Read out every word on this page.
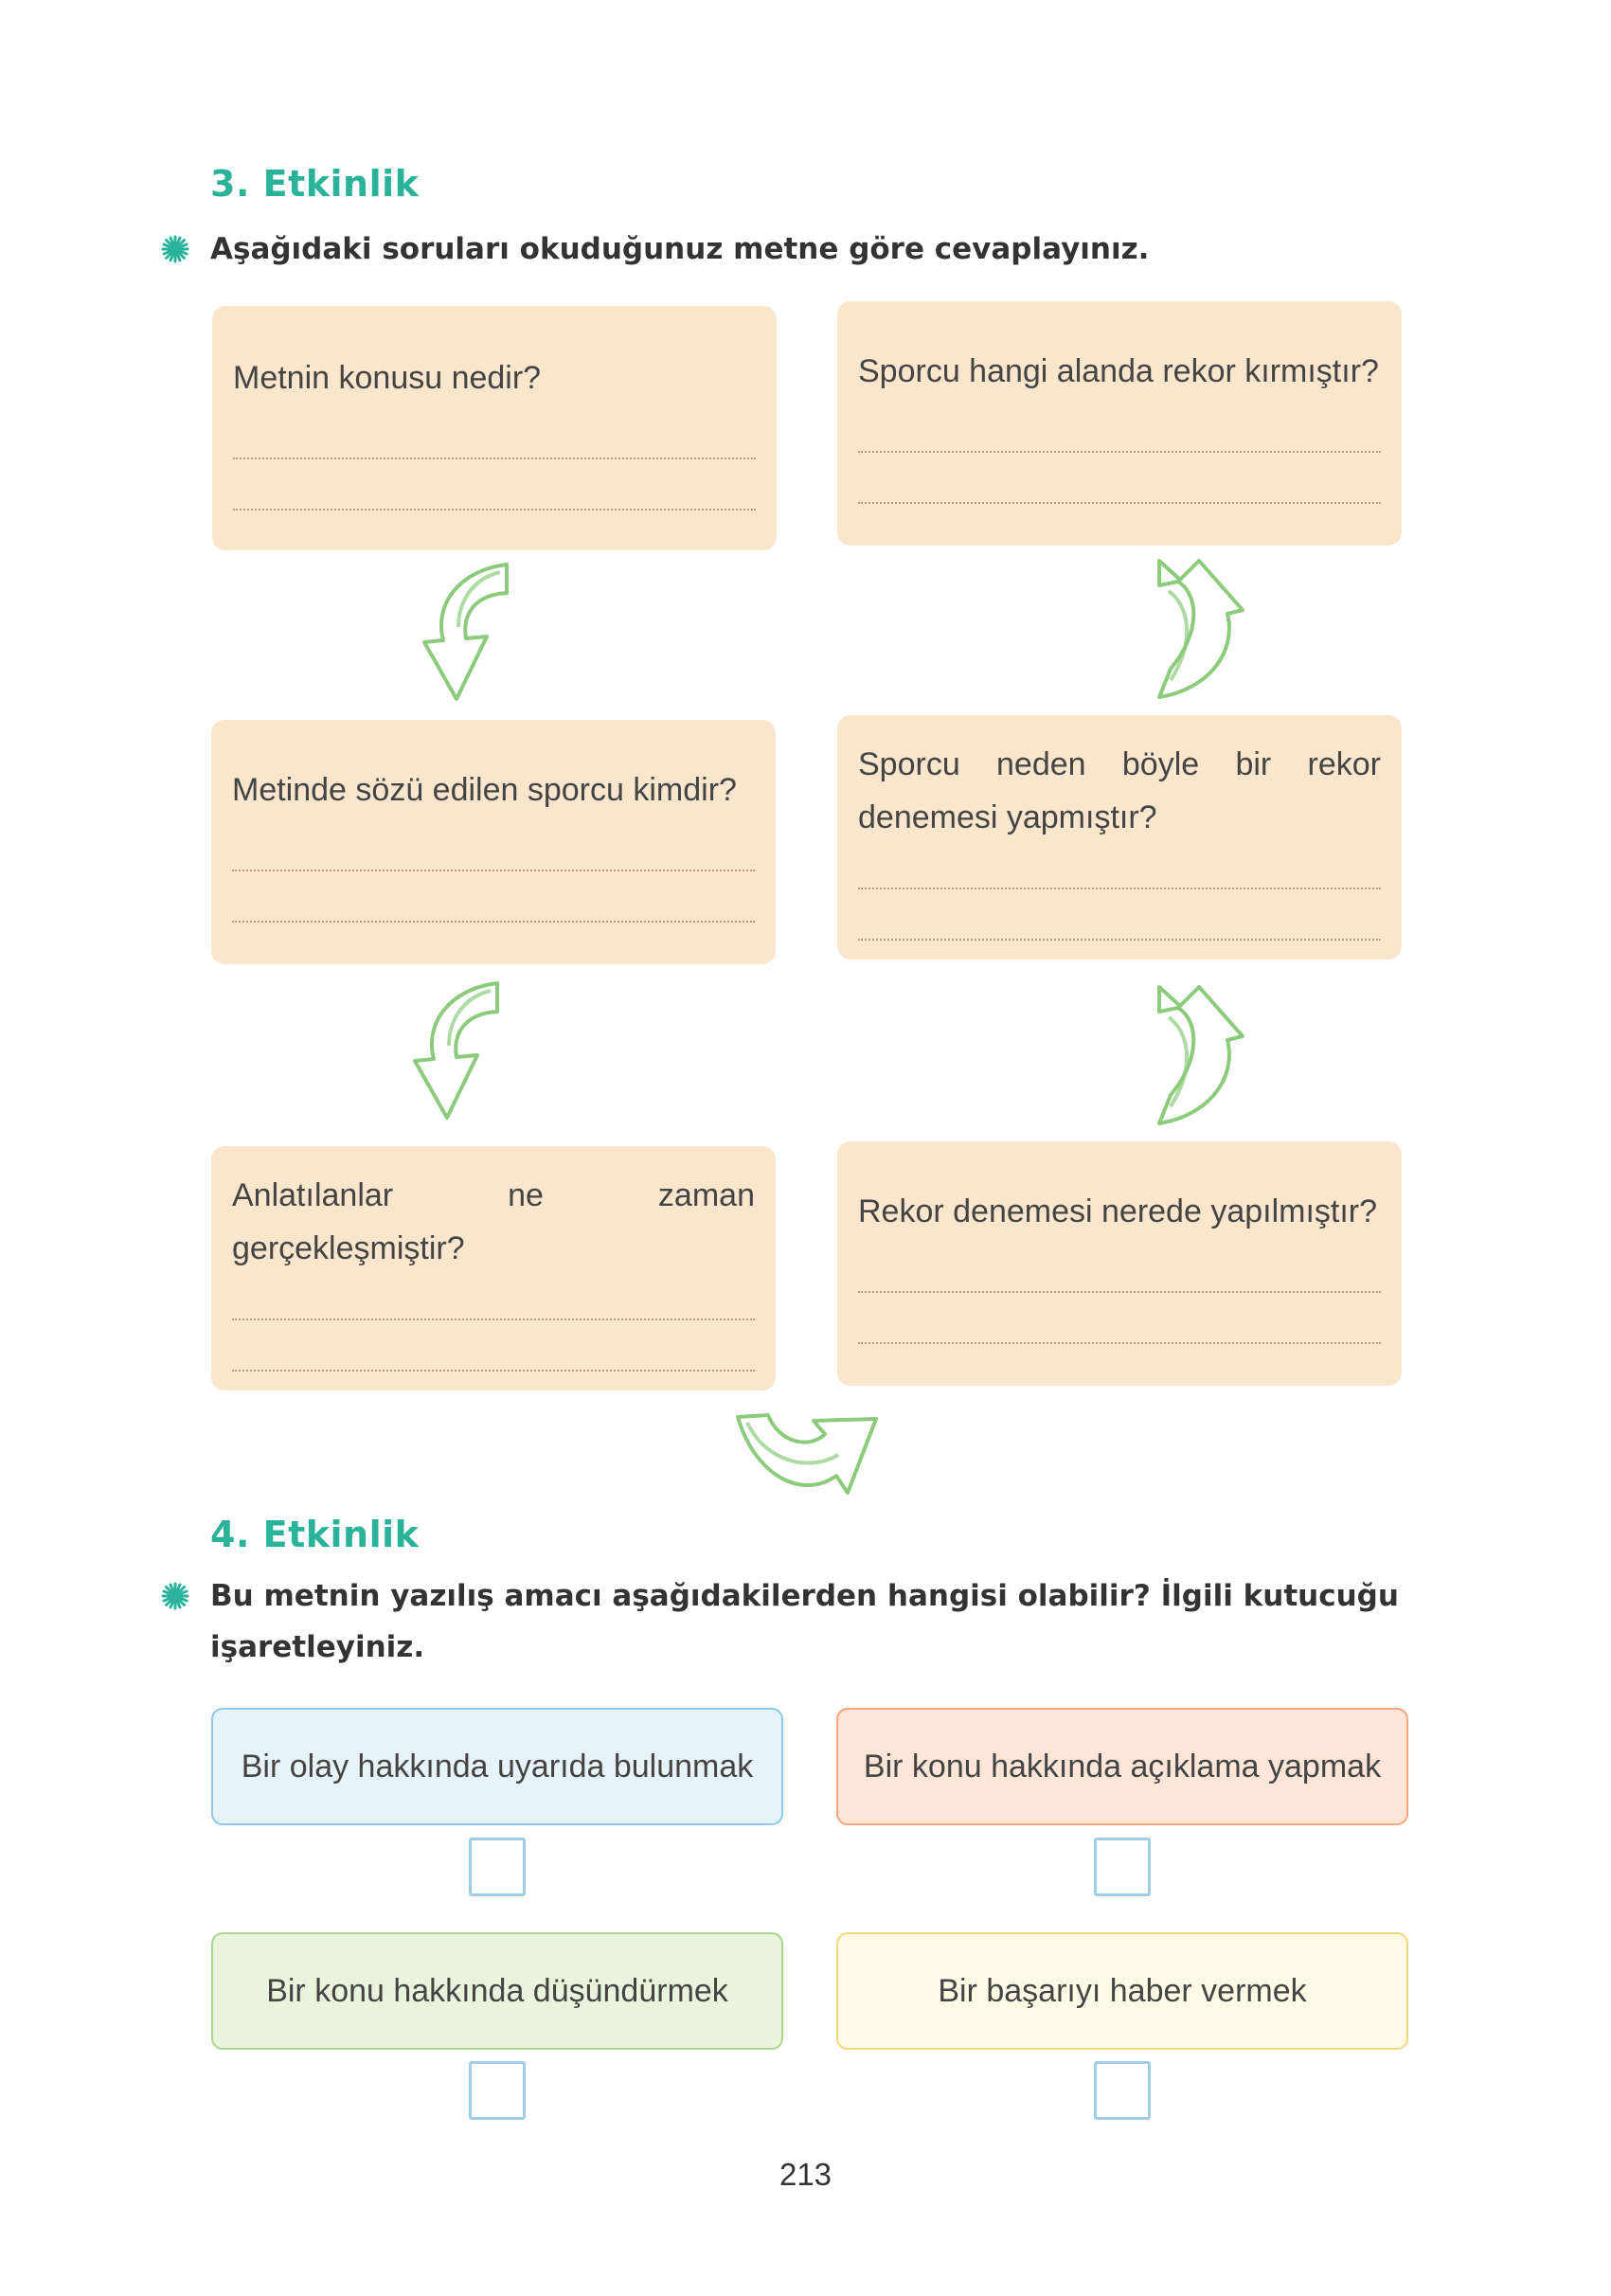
3. Etkinlik
Aşağıdaki soruları okuduğunuz metne göre cevaplayınız.
Metnin konusu nedir?	Sporcu hangi alanda rekor kırmıştır?
Metinde sözü edilen sporcu kimdir?
Sporcu neden böyle bir rekor denemesi yapmıştır?
Anlatılanlar ne zaman gerçekleşmiştir?
Rekor denemesi nerede yapılmıştır?
4. Etkinlik
Bu metnin yazılış amacı aşağıdakilerden hangisi olabilir? İlgili kutucuğu işaretleyiniz.
Bir olay hakkında uyarıda bulunmak	Bir konu hakkında açıklama yapmak
Bir konu hakkında düşündürmek	Bir başarıyı haber vermek
213
